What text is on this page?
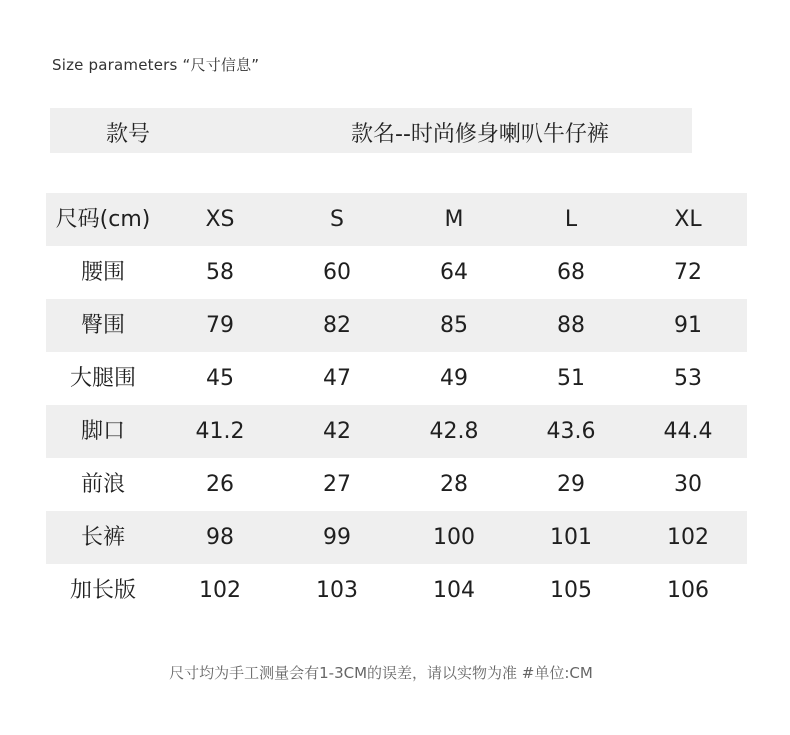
Size parameters “尺寸信息”
款号	款名--时尚修身喇叭牛仔裤
尺码(cm)	XS	S	M	L	XL
腰围	58	60	64	68	72
臀围	79	82	85	88	91
大腿围	45	47	49	51	53
脚口	41.2	42	42.8	43.6	44.4
前浪	26	27	28	29	30
长裤	98	99	100	101	102
加长版	102	103	104	105	106
尺寸均为手工测量会有1-3CM的误差，请以实物为准 #单位:CM
